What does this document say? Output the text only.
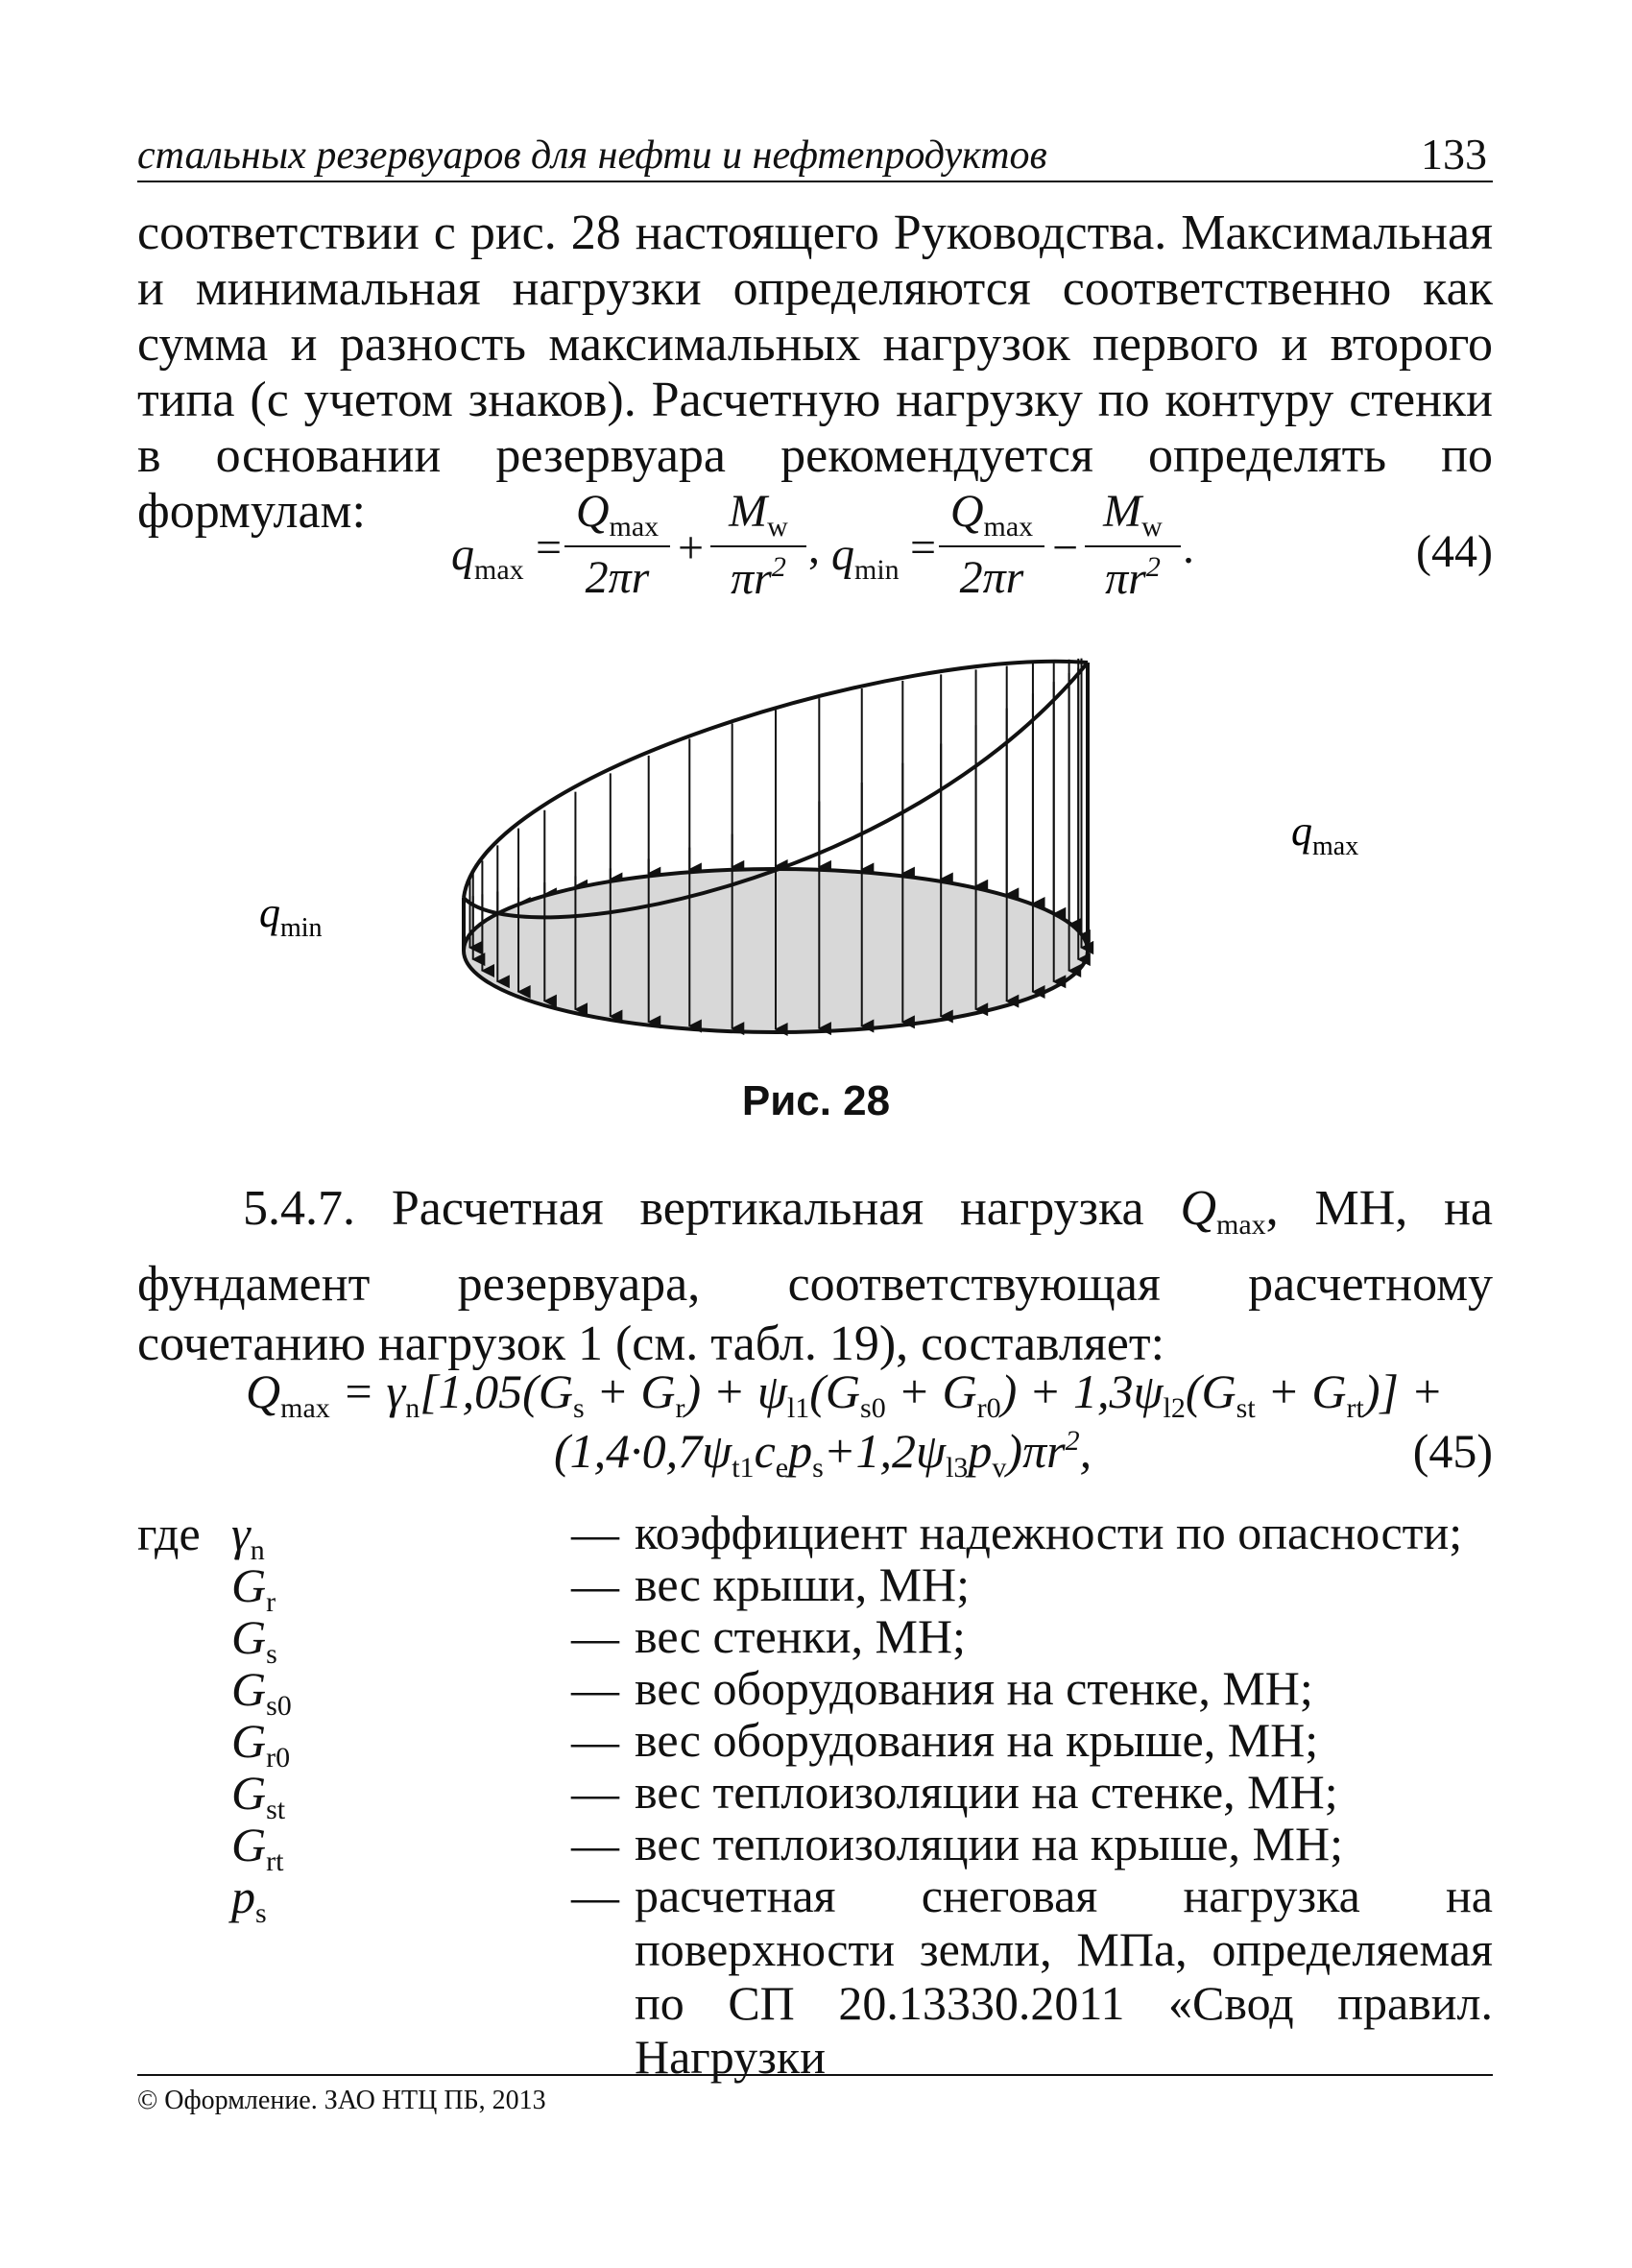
стальных резервуаров для нефти и нефтепродуктов	133
соответствии с рис. 28 настоящего Руководства. Максимальная и минимальная нагрузки определяются соответственно как сумма и разность максимальных нагрузок первого и второго типа (с учетом знаков). Расчетную нагрузку по контуру стенки в основании резервуара рекомендуется определять по формулам:
$q_{max}$ =
$Q_{max}$
2πr
+ $\frac{M_w}{\pi r^2}$ , $q_{min}$ =
$Q_{max}$
2πr
− $\frac{M_w}{\pi r^2}$ .	(44)
$q_{min}$
$q_{max}$
Рис. 28
5.4.7. Расчетная вертикальная нагрузка $Q_{max}$, МН, на фундамент резервуара, соответствующая расчетному сочетанию нагрузок 1 (см. табл. 19), составляет:
$Q_{max} = \gamma_n[1,05(G_s + G_r) + \psi_{l1}(G_{s0} + G_{r0}) + 1,3\psi_{l2}(G_{st} + G_{rt})]$ +
$(1,4\cdot 0,7\psi_{t1}c_ep_s+1,2\psi_{l3}p_v)\pi r^2$,	(45)
где $\gamma_n$	— коэффициент надежности по опасности;
$G_r$	— вес крыши, МН;
$G_s$	— вес стенки, МН;
$G_{s0}$	— вес оборудования на стенке, МН;
$G_{r0}$	— вес оборудования на крыше, МН;
$G_{st}$	— вес теплоизоляции на стенке, МН;
$G_{rt}$	— вес теплоизоляции на крыше, МН;
$p_s$	— расчетная снеговая нагрузка на поверхности земли, МПа, определяемая по СП 20.13330.2011 «Свод правил. Нагрузки
© Оформление. ЗАО НТЦ ПБ, 2013
